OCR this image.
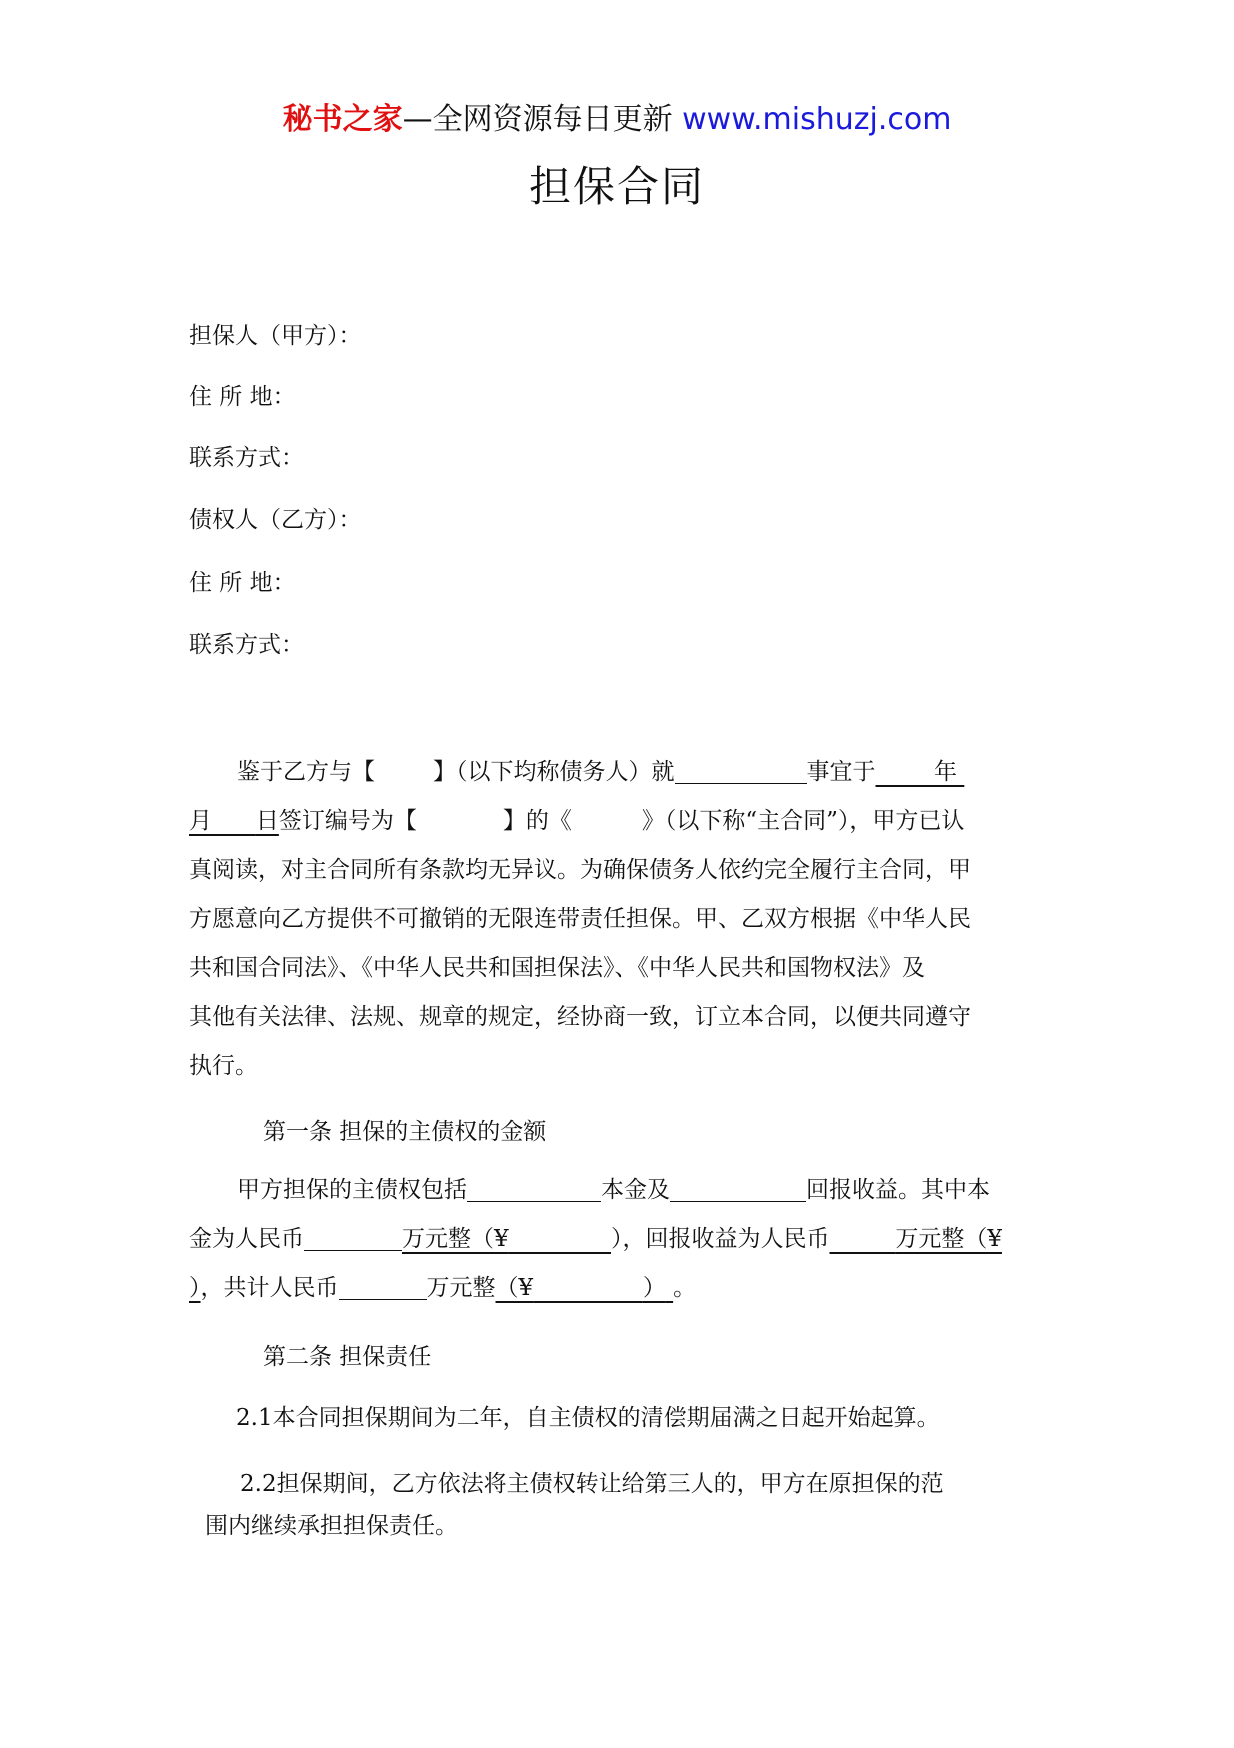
秘书之家—全网资源每日更新 www.mishuzj.com
担保合同
担保人（甲方）：
住 所 地：
联系方式：
债权人（乙方）：
住 所 地：
联系方式：
鉴于乙方与【	】（以下均称债务人）就	事宜于	年
月 日签订编号为【	】的《	》（以下称“主合同”），甲方已认
真阅读，对主合同所有条款均无异议。为确保债务人依约完全履行主合同，甲
方愿意向乙方提供不可撤销的无限连带责任担保。甲、乙双方根据《中华人民
共和国合同法》、《中华人民共和国担保法》、《中华人民共和国物权法》及
其他有关法律、法规、规章的规定，经协商一致，订立本合同，以便共同遵守
执行。
第一条 担保的主债权的金额
甲方担保的主债权包括	本金及	回报收益。其中本
金为人民币	万元整（¥	），回报收益为人民币	万元整（¥
），共计人民币	万元整（¥	） 。
第二条 担保责任
2.1本合同担保期间为二年，自主债权的清偿期届满之日起开始起算。
2.2担保期间，乙方依法将主债权转让给第三人的，甲方在原担保的范
围内继续承担担保责任。
